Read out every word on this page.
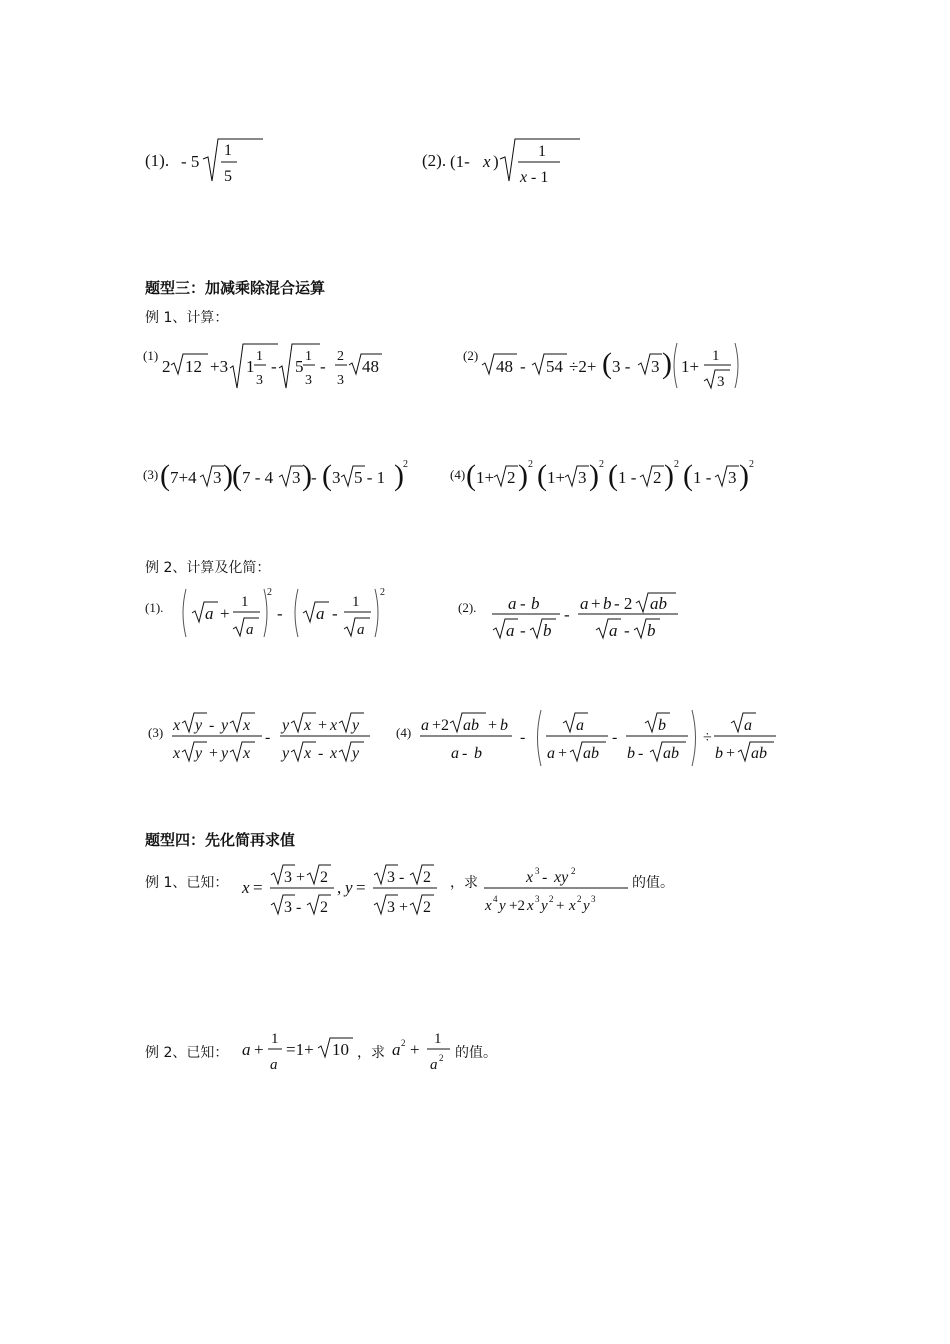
(1). - 5
1
5
(2). (1- x )
1
x - 1
题型三：加减乘除混合运算
例 1、计算：
(1)
2 12 +3 1
1
3
- 5
1
3
-
2
3
48
(2)
48 - 54 ÷2+ ( 3 - 3 ) 1+
1
3
(3) ( 7+4 3 ) ( 7 - 4 3 ) - ( 3 5 - 1 ) 2
(4) ( 1+ 2 ) 2 ( 1+ 3 ) 2 ( 1 - 2 ) 2 ( 1 - 3 ) 2
例 2、计算及化简：
(1). a +
1
a
2
- a -
1
a
2
(2). a - b
a - b
-
a + b - 2 ab
a - b
(3) x y - y x
x y + y x
-
y x + x y
y x - x y
(4) a +2 ab + b
a - b
-
a
a + ab
-
b
b - ab
÷
a
b + ab
题型四：先化简再求值
例 1、已知： x =
3 + 2
3 - 2
, y =
3 - 2
3 + 2
，求	x 3 - xy 2
x 4 y +2 x 3 y 2 + x 2 y 3
的值。
例 2、已知： a +
1
a
=1+ 10 ，求 a 2 +
1
a 2 的值。
